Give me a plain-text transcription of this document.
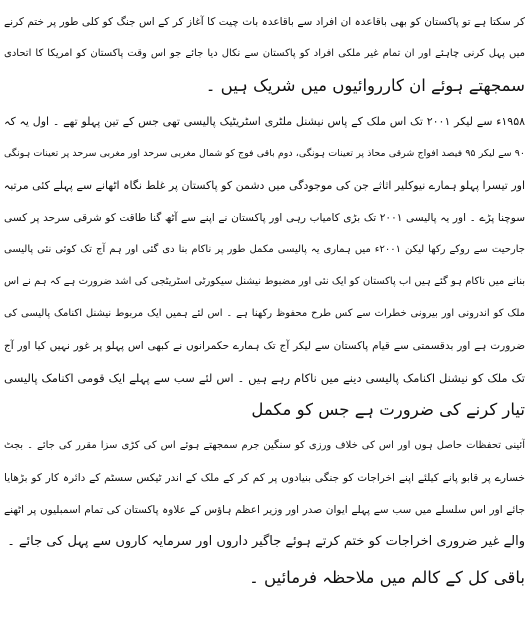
کر سکتا ہے تو پاکستان کو بھی باقاعدہ ان افراد سے باقاعدہ بات چیت کا آغاز کر کے اس جنگ کو کلی طور پر ختم کرنے
میں پہل کرنی چاہئے اور ان تمام غیر ملکی افراد کو پاکستان سے نکال دیا جائے جو اس وقت پاکستان کو امریکا کا اتحادی
سمجھتے ہوئے ان کارروائیوں میں شریک ہیں ۔
۱۹۵۸ء سے لیکر ۲۰۰۱ تک اس ملک کے پاس نیشنل ملٹری اسٹریٹیک پالیسی تھی جس کے تین پہلو تھے ۔ اول یہ کہ
۹۰ سے لیکر ۹۵ فیصد افواج شرقی محاذ پر تعینات ہونگی، دوم باقی فوج کو شمال مغربی سرحد اور مغربی سرحد پر تعینات ہونگی
اور تیسرا پہلو ہمارے نیوکلیر اثاثے جن کی موجودگی میں دشمن کو پاکستان پر غلط نگاہ اٹھانے سے پہلے کئی مرتبہ
سوچنا پڑے ۔ اور یہ پالیسی ۲۰۰۱ تک بڑی کامیاب رہی اور پاکستان نے اپنے سے آٹھ گنا طاقت کو شرقی سرحد پر کسی
جارحیت سے روکے رکھا لیکن ۲۰۰۱ء میں ہماری یہ پالیسی مکمل طور پر ناکام بنا دی گئی اور ہم آج تک کوئی نئی پالیسی
بنانے میں ناکام ہو گئے ہیں اب پاکستان کو ایک نئی اور مضبوط نیشنل سیکورٹی اسٹریٹجی کی اشد ضرورت ہے کہ ہم نے اس
ملک کو اندرونی اور بیرونی خطرات سے کس طرح محفوظ رکھنا ہے ۔ اس لئے ہمیں ایک مربوط نیشنل اکنامک پالیسی کی
ضرورت ہے اور بدقسمتی سے قیام پاکستان سے لیکر آج تک ہمارے حکمرانوں نے کبھی اس پہلو پر غور نہیں کیا اور آج
تک ملک کو نیشنل اکنامک پالیسی دینے میں ناکام رہے ہیں ۔ اس لئے سب سے پہلے ایک قومی اکنامک پالیسی
تیار کرنے کی ضرورت ہے جس کو مکمل
آئینی تحفظات حاصل ہوں اور اس کی خلاف ورزی کو سنگین جرم سمجھتے ہوئے اس کی کڑی سزا مقرر کی جائے ۔ بجٹ
خسارے پر قابو پانے کیلئے اپنے اخراجات کو جنگی بنیادوں پر کم کر کے ملک کے اندر ٹیکس سسٹم کے دائرہ کار کو بڑھایا
جائے اور اس سلسلے میں سب سے پہلے ایوان صدر اور وزیر اعظم ہاؤس کے علاوہ پاکستان کی تمام اسمبلیوں پر اٹھنے
والے غیر ضروری اخراجات کو ختم کرتے ہوئے جاگیر داروں اور سرمایہ کاروں سے پہل کی جائے ۔
باقی کل کے کالم میں ملاحظہ فرمائیں ۔
